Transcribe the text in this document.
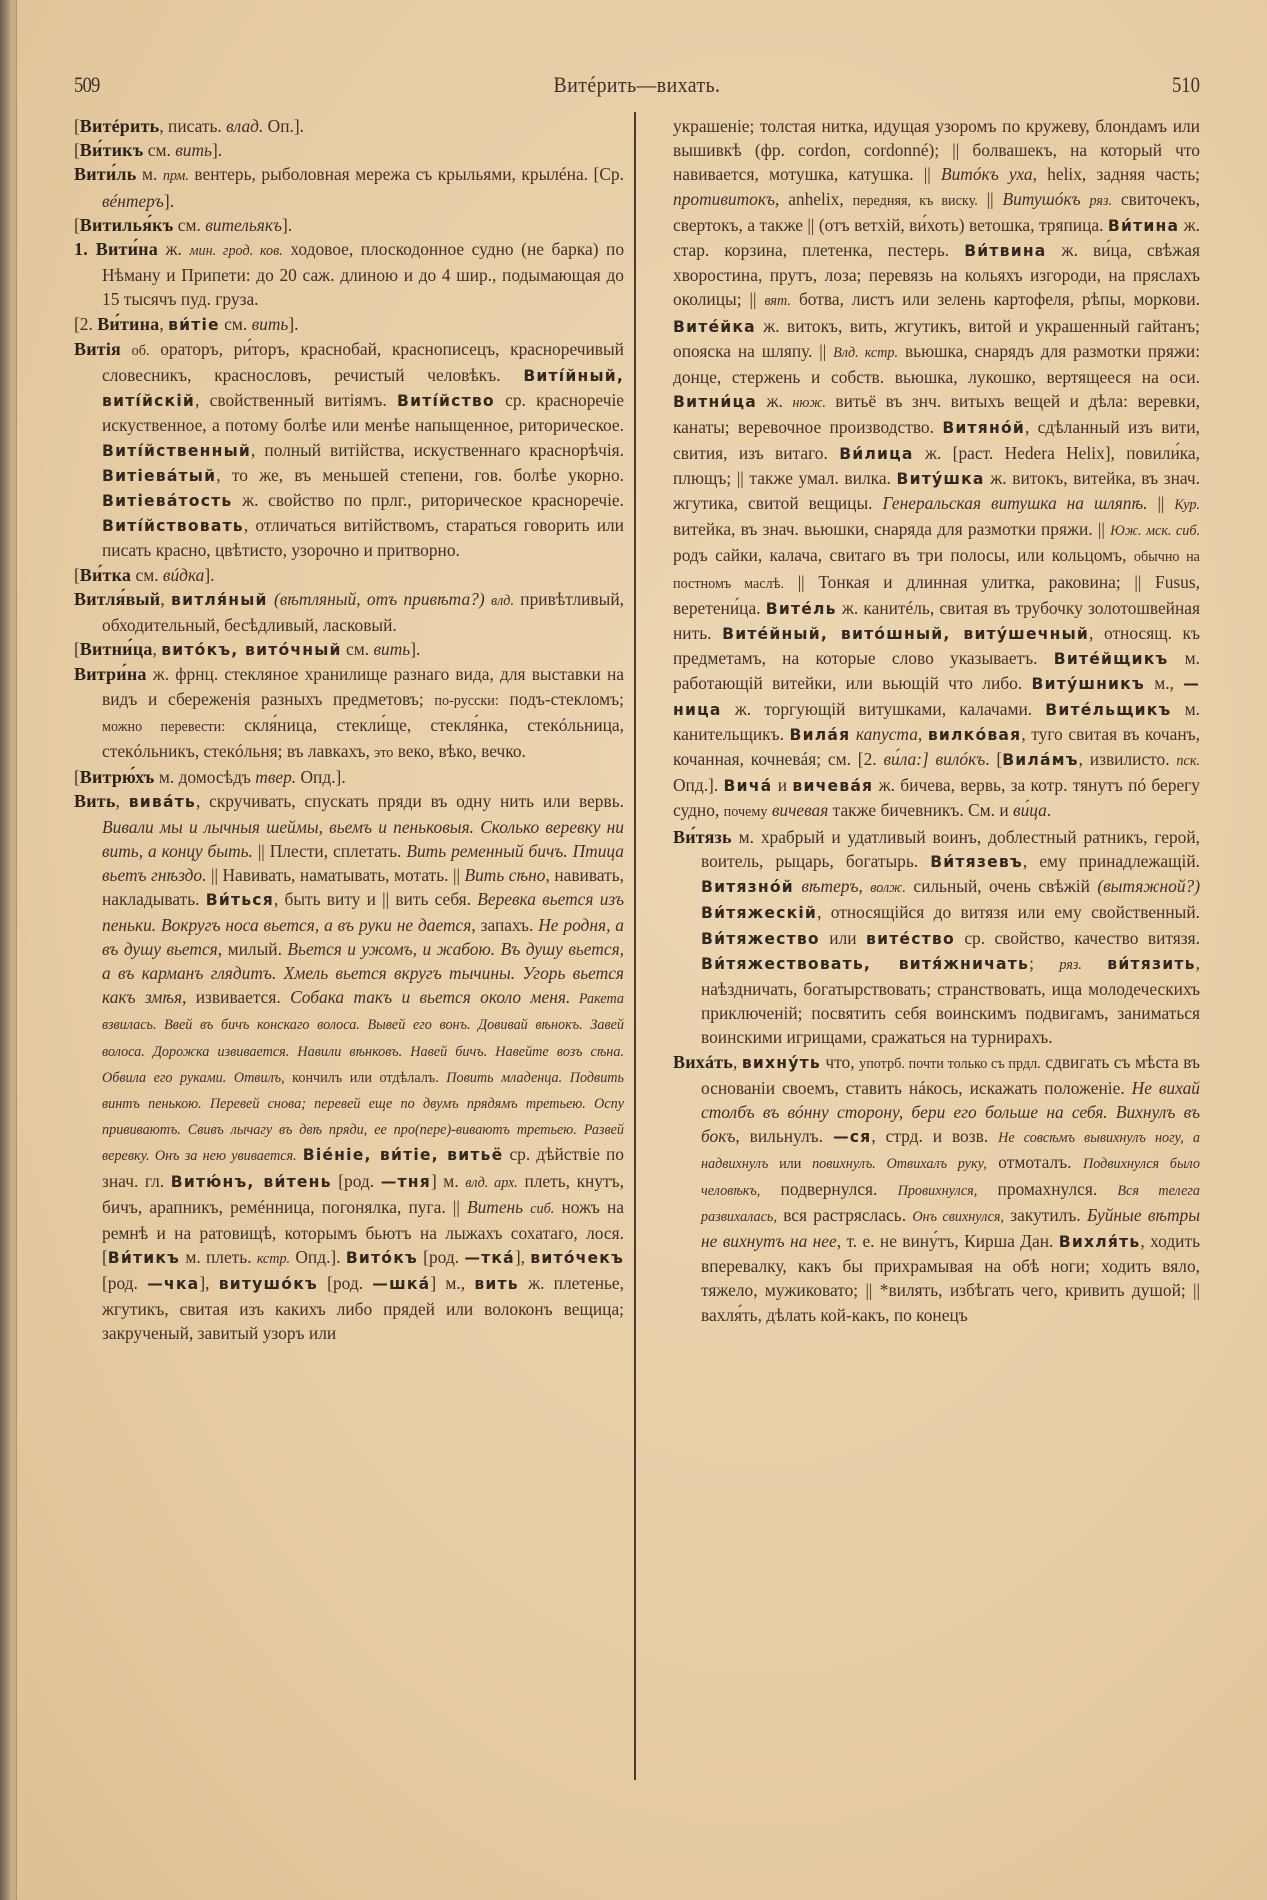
509	Витéрить—вихать.	510

[Витéрить, писать. влад. Оп.].

[Ви́тикъ см. вить].

Вити́ль м. прм. вентерь, рыболовная мережа съ крыльями, крылéна. [Ср. вéнтеръ].

[Витилья́къ см. вительякъ].

1. Вити́на ж. мин. грод. ков. ходовое, плоскодонное судно (не барка) по Нѣману и Припети: до 20 саж. длиною и до 4 шир., подымающая до 15 тысячъ пуд. груза.

[2. Ви́тина, ви́тіе см. вить].

Витія об. ораторъ, ри́торъ, краснобай, краснописецъ, красноречивый словесникъ, краснословъ, речистый человѣкъ. Витíйный, витíйскій, свойственный витіямъ. Витíйство ср. красноречіе искуственное, а потому болѣе или менѣе напыщенное, риторическое. Витíйственный, полный витійства, искуственнаго краснорѣчія. Витіевáтый, то же, въ меньшей степени, гов. болѣе укорно. Витіевáтость ж. свойство по прлг., риторическое красноречіе. Витíйствовать, отличаться витійствомъ, стараться говорить или писать красно, цвѣтисто, узорочно и притворно.

[Ви́тка см. вúдка].

Витля́вый, витля́ный (вѣтляный, отъ привѣта?) влд. привѣтливый, обходительный, бесѣдливый, ласковый.

[Витни́ца, витóкъ, витóчный см. вить].

Витри́на ж. фрнц. стекляное хранилище разнаго вида, для выставки на видъ и сбереженія разныхъ предметовъ; по-русски: подъ-стекломъ; можно перевести: скля́ница, стекли́ще, стекля́нка, стекóльница, стекóльникъ, стекóльня; въ лавкахъ, это веко, вѣко, вечко.

[Витрю́хъ м. домосѣдъ твер. Опд.].

Вить, вивáть, скручивать, спускать пряди въ одну нить или вервь. Вивали мы и лычныя шеймы, вьемъ и пеньковыя. Сколько веревку ни вить, а концу быть. || Плести, сплетать. Вить ременный бичъ. Птица вьетъ гнѣздо. || Навивать, наматывать, мотать. || Вить сѣно, навивать, накладывать. Ви́ться, быть виту и || вить себя. Веревка вьется изъ пеньки. Вокругъ носа вьется, а въ руки не дается, запахъ. Не родня, а въ душу вьется, милый. Вьется и ужомъ, и жабою. Въ душу вьется, а въ карманъ глядитъ. Хмель вьется вкругъ тычины. Угорь вьется какъ змѣя, извивается. Собака такъ и вьется около меня. Ракета взвилась. Ввей въ бичъ конскаго волоса. Вывей его вонъ. Довивай вѣнокъ. Завей волоса. Дорожка извивается. Навили вѣнковъ. Навей бичъ. Навейте возъ сѣна. Обвила его руками. Отвилъ, кончилъ или отдѣлалъ. Повить младенца. Подвить винтъ пенькою. Перевей снова; перевей еще по двумъ прядямъ третьею. Оспу прививаютъ. Свивъ лычагу въ двѣ пряди, ее про(пере)-виваютъ третьею. Развей веревку. Онъ за нею увивается. Віéніе, ви́тіе, витьё ср. дѣйствіе по знач. гл. Витю́нъ, ви́тень [род. —тня] м. влд. арх. плеть, кнутъ, бичъ, арапникъ, ремéнница, погонялка, пуга. || Витень сиб. ножъ на ремнѣ и на ратовищѣ, которымъ бьютъ на лыжахъ сохатаго, лося. [Ви́тикъ м. плеть. кстр. Опд.]. Витóкъ [род. —тка́], витóчекъ [род. —чка], витушóкъ [род. —шка́] м., вить ж. плетенье, жгутикъ, свитая изъ какихъ либо прядей или волоконъ вещица; закрученый, завитый узоръ или

украшеніе; толстая нитка, идущая узоромъ по кружеву, блондамъ или вышивкѣ (фр. cordon, cordonné); || болвашекъ, на который что навивается, мотушка, катушка. || Витóкъ уха, helix, задняя часть; противитокъ, anhelix, передняя, къ виску. || Витушóкъ ряз. свиточекъ, свертокъ, а также || (отъ ветхій, ви́хоть) ветошка, тряпица. Ви́тина ж. стар. корзина, плетенка, пестерь. Ви́твина ж. ви́ца, свѣжая хворостина, прутъ, лоза; перевязь на кольяхъ изгороди, на пряслахъ околицы; || вят. ботва, листъ или зелень картофеля, рѣпы, моркови. Витéйка ж. витокъ, вить, жгутикъ, витой и украшенный гайтанъ; опояска на шляпу. || Влд. кстр. вьюшка, снарядъ для размотки пряжи: донце, стержень и собств. вьюшка, лукошко, вертящееся на оси. Витни́ца ж. нюж. витьё въ знч. витыхъ вещей и дѣла: веревки, канаты; веревочное производство. Витянóй, сдѣланный изъ вити, свития, изъ витаго. Ви́лица ж. [раст. Hedera Helix], повили́ка, плющъ; || также умал. вилка. Виту́шка ж. витокъ, витейка, въ знач. жгутика, свитой вещицы. Генеральская витушка на шляпѣ. || Кур. витейка, въ знач. вьюшки, снаряда для размотки пряжи. || Юж. мск. сиб. родъ сайки, калача, свитаго въ три полосы, или кольцомъ, обычно на постномъ маслѣ. || Тонкая и длинная улитка, раковина; || Fusus, веретени́ца. Витéль ж. канитéль, свитая въ трубочку золотошвейная нить. Витéйный, витóшный, виту́шечный, относящ. къ предметамъ, на которые слово указываетъ. Витéйщикъ м. работающій витейки, или вьющій что либо. Виту́шникъ м., —ница ж. торгующій витушками, калачами. Витéльщикъ м. канительщикъ. Вилáя капуста, вилкóвая, туго свитая въ кочанъ, кочанная, кочневáя; см. [2. ви́ла:] вилóкъ. [Вилáмъ, извилисто. пск. Опд.]. Вичá и вичевáя ж. бичева, вервь, за котр. тянутъ пó берегу судно, почему вичевая также бичевникъ. См. и ви́ца.

Ви́тязь м. храбрый и удатливый воинъ, доблестный ратникъ, герой, воитель, рыцарь, богатырь. Ви́тязевъ, ему принадлежащій. Витязнóй вѣтеръ, волж. сильный, очень свѣжій (вытяжной?) Ви́тяжескій, относящійся до витязя или ему свойственный. Ви́тяжество или витéство ср. свойство, качество витязя. Ви́тяжествовать, витя́жничать; ряз. ви́тязить, наѣздничать, богатырствовать; странствовать, ища молодеческихъ приключеній; посвятить себя воинскимъ подвигамъ, заниматься воинскими игрищами, сражаться на турнирахъ.

Вихáть, вихну́ть что, употрб. почти только съ прдл. сдвигать съ мѣста въ основаніи своемъ, ставить нáкось, искажать положеніе. Не вихай столбъ въ вóнну сторону, бери его больше на себя. Вихнулъ въ бокъ, вильнулъ. —ся, стрд. и возв. Не совсѣмъ вывихнулъ ногу, а надвихнулъ или повихнулъ. Отвихалъ руку, отмоталъ. Подвихнулся было человѣкъ, подвернулся. Провихнулся, промахнулся. Вся телега развихалась, вся растряслась. Онъ свихнулся, закутилъ. Буйные вѣтры не вихнутъ на нее, т. е. не вину́тъ, Кирша Дан. Вихля́ть, ходить вперевалку, какъ бы прихрамывая на обѣ ноги; ходить вяло, тяжело, мужиковато; || *вилять, избѣгать чего, кривить душой; || вахля́ть, дѣлать кой-какъ, по конецъ
